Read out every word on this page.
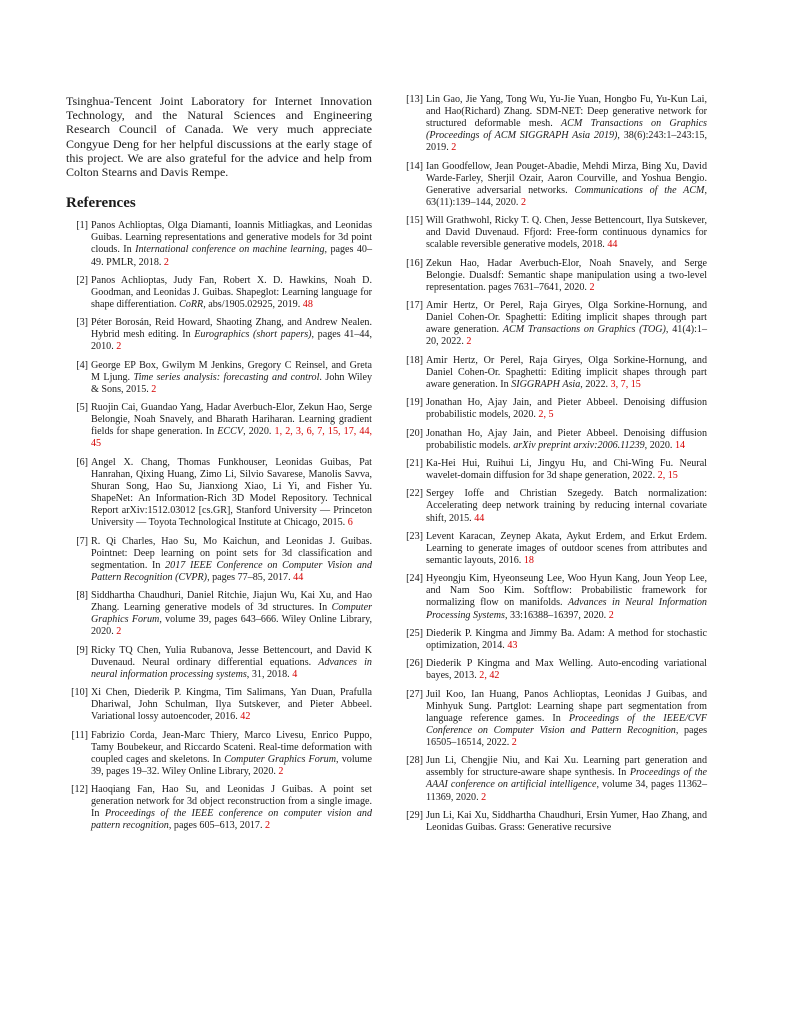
Tsinghua-Tencent Joint Laboratory for Internet Innovation Technology, and the Natural Sciences and Engineering Research Council of Canada. We very much appreciate Congyue Deng for her helpful discussions at the early stage of this project. We are also grateful for the advice and help from Colton Stearns and Davis Rempe.

References
[1] Panos Achlioptas, Olga Diamanti, Ioannis Mitliagkas, and Leonidas Guibas. Learning representations and generative models for 3d point clouds. In International conference on machine learning, pages 40–49. PMLR, 2018. 2
[2] Panos Achlioptas, Judy Fan, Robert X. D. Hawkins, Noah D. Goodman, and Leonidas J. Guibas. Shapeglot: Learning language for shape differentiation. CoRR, abs/1905.02925, 2019. 48
[3] Péter Borosán, Reid Howard, Shaoting Zhang, and Andrew Nealen. Hybrid mesh editing. In Eurographics (short papers), pages 41–44, 2010. 2
[4] George EP Box, Gwilym M Jenkins, Gregory C Reinsel, and Greta M Ljung. Time series analysis: forecasting and control. John Wiley & Sons, 2015. 2
[5] Ruojin Cai, Guandao Yang, Hadar Averbuch-Elor, Zekun Hao, Serge Belongie, Noah Snavely, and Bharath Hariharan. Learning gradient fields for shape generation. In ECCV, 2020. 1, 2, 3, 6, 7, 15, 17, 44, 45
[6] Angel X. Chang, Thomas Funkhouser, Leonidas Guibas, Pat Hanrahan, Qixing Huang, Zimo Li, Silvio Savarese, Manolis Savva, Shuran Song, Hao Su, Jianxiong Xiao, Li Yi, and Fisher Yu. ShapeNet: An Information-Rich 3D Model Repository. Technical Report arXiv:1512.03012 [cs.GR], Stanford University — Princeton University — Toyota Technological Institute at Chicago, 2015. 6
[7] R. Qi Charles, Hao Su, Mo Kaichun, and Leonidas J. Guibas. Pointnet: Deep learning on point sets for 3d classification and segmentation. In 2017 IEEE Conference on Computer Vision and Pattern Recognition (CVPR), pages 77–85, 2017. 44
[8] Siddhartha Chaudhuri, Daniel Ritchie, Jiajun Wu, Kai Xu, and Hao Zhang. Learning generative models of 3d structures. In Computer Graphics Forum, volume 39, pages 643–666. Wiley Online Library, 2020. 2
[9] Ricky TQ Chen, Yulia Rubanova, Jesse Bettencourt, and David K Duvenaud. Neural ordinary differential equations. Advances in neural information processing systems, 31, 2018. 4
[10] Xi Chen, Diederik P. Kingma, Tim Salimans, Yan Duan, Prafulla Dhariwal, John Schulman, Ilya Sutskever, and Pieter Abbeel. Variational lossy autoencoder, 2016. 42
[11] Fabrizio Corda, Jean-Marc Thiery, Marco Livesu, Enrico Puppo, Tamy Boubekeur, and Riccardo Scateni. Real-time deformation with coupled cages and skeletons. In Computer Graphics Forum, volume 39, pages 19–32. Wiley Online Library, 2020. 2
[12] Haoqiang Fan, Hao Su, and Leonidas J Guibas. A point set generation network for 3d object reconstruction from a single image. In Proceedings of the IEEE conference on computer vision and pattern recognition, pages 605–613, 2017. 2
[13] Lin Gao, Jie Yang, Tong Wu, Yu-Jie Yuan, Hongbo Fu, Yu-Kun Lai, and Hao(Richard) Zhang. SDM-NET: Deep generative network for structured deformable mesh. ACM Transactions on Graphics (Proceedings of ACM SIGGRAPH Asia 2019), 38(6):243:1–243:15, 2019. 2
[14] Ian Goodfellow, Jean Pouget-Abadie, Mehdi Mirza, Bing Xu, David Warde-Farley, Sherjil Ozair, Aaron Courville, and Yoshua Bengio. Generative adversarial networks. Communications of the ACM, 63(11):139–144, 2020. 2
[15] Will Grathwohl, Ricky T. Q. Chen, Jesse Bettencourt, Ilya Sutskever, and David Duvenaud. Ffjord: Free-form continuous dynamics for scalable reversible generative models, 2018. 44
[16] Zekun Hao, Hadar Averbuch-Elor, Noah Snavely, and Serge Belongie. Dualsdf: Semantic shape manipulation using a two-level representation. pages 7631–7641, 2020. 2
[17] Amir Hertz, Or Perel, Raja Giryes, Olga Sorkine-Hornung, and Daniel Cohen-Or. Spaghetti: Editing implicit shapes through part aware generation. ACM Transactions on Graphics (TOG), 41(4):1–20, 2022. 2
[18] Amir Hertz, Or Perel, Raja Giryes, Olga Sorkine-Hornung, and Daniel Cohen-Or. Spaghetti: Editing implicit shapes through part aware generation. In SIGGRAPH Asia, 2022. 3, 7, 15
[19] Jonathan Ho, Ajay Jain, and Pieter Abbeel. Denoising diffusion probabilistic models, 2020. 2, 5
[20] Jonathan Ho, Ajay Jain, and Pieter Abbeel. Denoising diffusion probabilistic models. arXiv preprint arxiv:2006.11239, 2020. 14
[21] Ka-Hei Hui, Ruihui Li, Jingyu Hu, and Chi-Wing Fu. Neural wavelet-domain diffusion for 3d shape generation, 2022. 2, 15
[22] Sergey Ioffe and Christian Szegedy. Batch normalization: Accelerating deep network training by reducing internal covariate shift, 2015. 44
[23] Levent Karacan, Zeynep Akata, Aykut Erdem, and Erkut Erdem. Learning to generate images of outdoor scenes from attributes and semantic layouts, 2016. 18
[24] Hyeongju Kim, Hyeonseung Lee, Woo Hyun Kang, Joun Yeop Lee, and Nam Soo Kim. Softflow: Probabilistic framework for normalizing flow on manifolds. Advances in Neural Information Processing Systems, 33:16388–16397, 2020. 2
[25] Diederik P. Kingma and Jimmy Ba. Adam: A method for stochastic optimization, 2014. 43
[26] Diederik P Kingma and Max Welling. Auto-encoding variational bayes, 2013. 2, 42
[27] Juil Koo, Ian Huang, Panos Achlioptas, Leonidas J Guibas, and Minhyuk Sung. Partglot: Learning shape part segmentation from language reference games. In Proceedings of the IEEE/CVF Conference on Computer Vision and Pattern Recognition, pages 16505–16514, 2022. 2
[28] Jun Li, Chengjie Niu, and Kai Xu. Learning part generation and assembly for structure-aware shape synthesis. In Proceedings of the AAAI conference on artificial intelligence, volume 34, pages 11362–11369, 2020. 2
[29] Jun Li, Kai Xu, Siddhartha Chaudhuri, Ersin Yumer, Hao Zhang, and Leonidas Guibas. Grass: Generative recursive
